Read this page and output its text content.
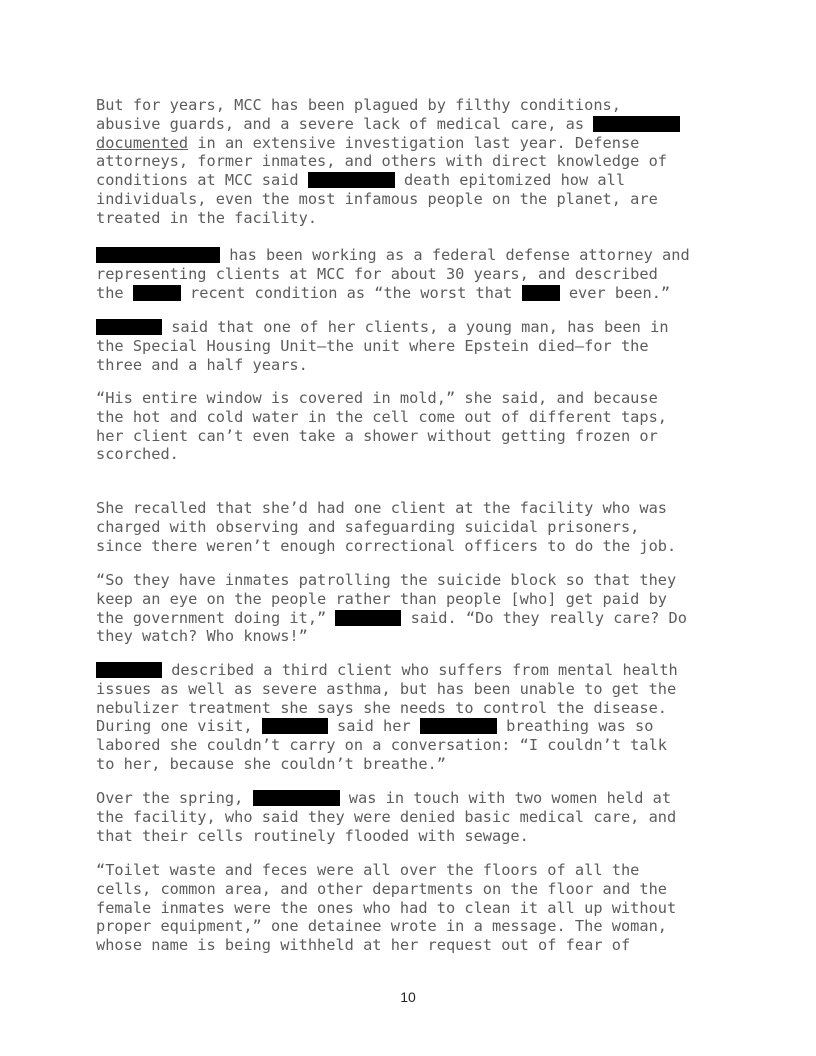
But for years, MCC has been plagued by filthy conditions,
abusive guards, and a severe lack of medical care, as
documented in an extensive investigation last year. Defense
attorneys, former inmates, and others with direct knowledge of
conditions at MCC said	death epitomized how all
individuals, even the most infamous people on the planet, are
treated in the facility.
has been working as a federal defense attorney and
representing clients at MCC for about 30 years, and described
the	recent condition as “the worst that  ever been.”
said that one of her clients, a young man, has been in
the Special Housing Unit—the unit where Epstein died—for the
three and a half years.
“His entire window is covered in mold,” she said, and because
the hot and cold water in the cell come out of different taps,
her client can’t even take a shower without getting frozen or
scorched.
She recalled that she’d had one client at the facility who was
charged with observing and safeguarding suicidal prisoners,
since there weren’t enough correctional officers to do the job.
“So they have inmates patrolling the suicide block so that they
keep an eye on the people rather than people [who] get paid by
the government doing it,”	said. “Do they really care? Do
they watch? Who knows!”
described a third client who suffers from mental health
issues as well as severe asthma, but has been unable to get the
nebulizer treatment she says she needs to control the disease.
During one visit,	said her	breathing was so
labored she couldn’t carry on a conversation: “I couldn’t talk
to her, because she couldn’t breathe.”
Over the spring,	was in touch with two women held at
the facility, who said they were denied basic medical care, and
that their cells routinely flooded with sewage.
“Toilet waste and feces were all over the floors of all the
cells, common area, and other departments on the floor and the
female inmates were the ones who had to clean it all up without
proper equipment,” one detainee wrote in a message. The woman,
whose name is being withheld at her request out of fear of
10
